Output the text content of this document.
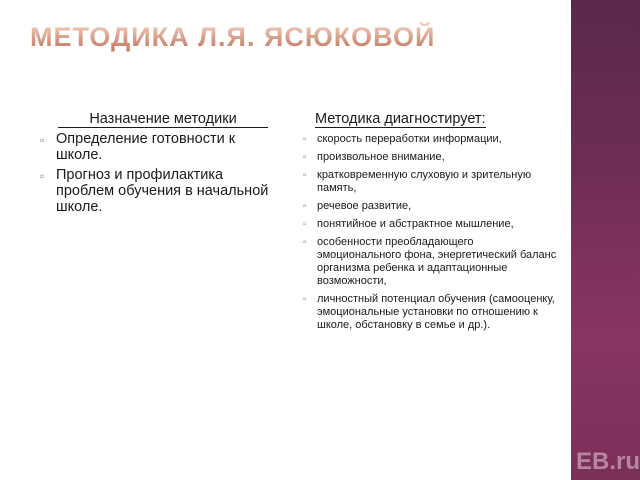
EB.ru
МЕТОДИКА Л.Я. ЯСЮКОВОЙ
Назначение методики
▫ Определение готовности к школе.
▫ Прогноз и профилактика проблем обучения в начальной школе.
Методика диагностирует:
▫ скорость переработки информации,
▫ произвольное внимание,
▫ кратковременную слуховую и зрительную память,
▫ речевое развитие,
▫ понятийное и абстрактное мышление,
▫ особенности преобладающего эмоционального фона, энергетический баланс организма ребенка и адаптационные возможности,
▫ личностный потенциал обучения (самооценку, эмоциональные установки по отношению к школе, обстановку в семье и др.).
